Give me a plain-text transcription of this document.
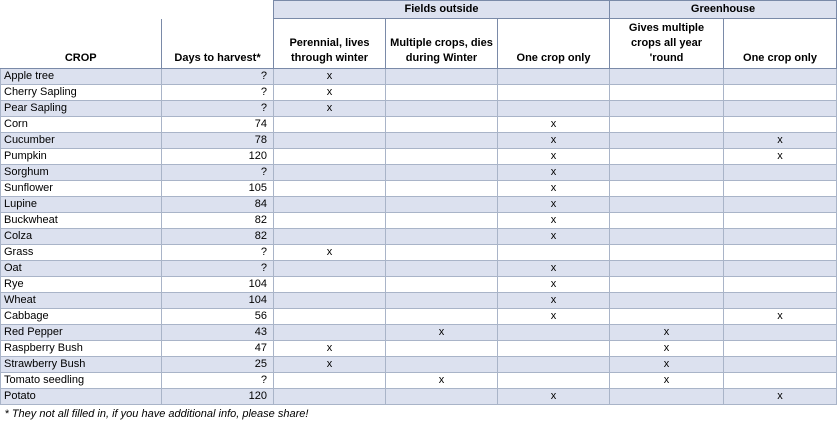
		Fields outside			Greenhouse	
CROP	Days to harvest*	Perennial, lives through winter	Multiple crops, dies during Winter	One crop only	Gives multiple crops all year 'round	One crop only
Apple tree	?	x				
Cherry Sapling	?	x				
Pear Sapling	?	x				
Corn	74			x		
Cucumber	78			x		x
Pumpkin	120			x		x
Sorghum	?			x		
Sunflower	105			x		
Lupine	84			x		
Buckwheat	82			x		
Colza	82			x		
Grass	?	x				
Oat	?			x		
Rye	104			x		
Wheat	104			x		
Cabbage	56			x		x
Red Pepper	43		x		x	
Raspberry Bush	47	x			x	
Strawberry Bush	25	x			x	
Tomato seedling	?		x		x	
Potato	120			x		x
* They not all filled in, if you have additional info, please share!						
